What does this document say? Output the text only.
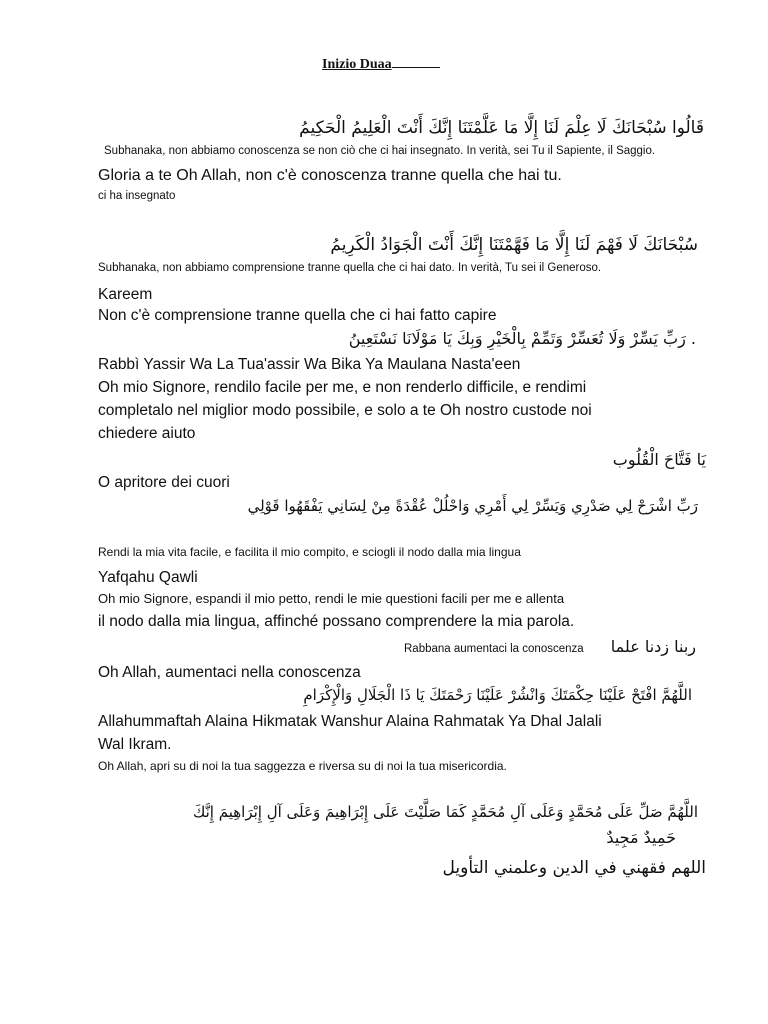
Inizio Duaa
قَالُوا سُبْحَانَكَ لَا عِلْمَ لَنَا إِلَّا مَا عَلَّمْتَنَا إِنَّكَ أَنْتَ الْعَلِيمُ الْحَكِيمُ
Subhanaka, non abbiamo conoscenza se non ciò che ci hai insegnato. In verità, sei Tu il Sapiente, il Saggio.
Gloria a te Oh Allah, non c'è conoscenza tranne quella che hai tu.
ci ha insegnato
سُبْحَانَكَ لَا فَهْمَ لَنَا إِلَّا مَا فَهَّمْتَنَا إِنَّكَ أَنْتَ الْجَوَادُ الْكَرِيمُ
Subhanaka, non abbiamo comprensione tranne quella che ci hai dato. In verità, Tu sei il Generoso.
Kareem
Non c'è comprensione tranne quella che ci hai fatto capire
. رَبِّ يَسِّرْ وَلَا تُعَسِّرْ وَتَمِّمْ بِالْخَيْرِ وَبِكَ يَا مَوْلَانَا نَسْتَعِينُ
Rabbì Yassir Wa La Tua'assir Wa Bika Ya Maulana Nasta'een
Oh mio Signore, rendilo facile per me, e non renderlo difficile, e rendimi
completalo nel miglior modo possibile, e solo a te Oh nostro custode noi
chiedere aiuto
يَا فَتَّاحَ الْقُلُوب
O apritore dei cuori
رَبِّ اشْرَحْ لِي صَدْرِي وَيَسِّرْ لِي أَمْرِي وَاحْلُلْ عُقْدَةً مِنْ لِسَانِي يَفْقَهُوا قَوْلِي
Rendi la mia vita facile, e facilita il mio compito, e sciogli il nodo dalla mia lingua
Yafqahu Qawli
Oh mio Signore, espandi il mio petto, rendi le mie questioni facili per me e allenta
il nodo dalla mia lingua, affinché possano comprendere la mia parola.
Rabbana aumentaci la conoscenza ربنا زدنا علما
Oh Allah, aumentaci nella conoscenza
اللَّهُمَّ افْتَحْ عَلَيْنَا حِكْمَتَكَ وَانْشُرْ عَلَيْنَا رَحْمَتَكَ يَا ذَا الْجَلَالِ وَالْإِكْرَامِ
Allahummaftah Alaina Hikmatak Wanshur Alaina Rahmatak Ya Dhal Jalali
Wal Ikram.
Oh Allah, apri su di noi la tua saggezza e riversa su di noi la tua misericordia.
اللَّهُمَّ صَلِّ عَلَى مُحَمَّدٍ وَعَلَى آلِ مُحَمَّدٍ كَمَا صَلَّيْتَ عَلَى إِبْرَاهِيمَ وَعَلَى آلِ إِبْرَاهِيمَ إِنَّكَ
حَمِيدٌ مَجِيدٌ
اللهم فقهني في الدين وعلمني التأويل
